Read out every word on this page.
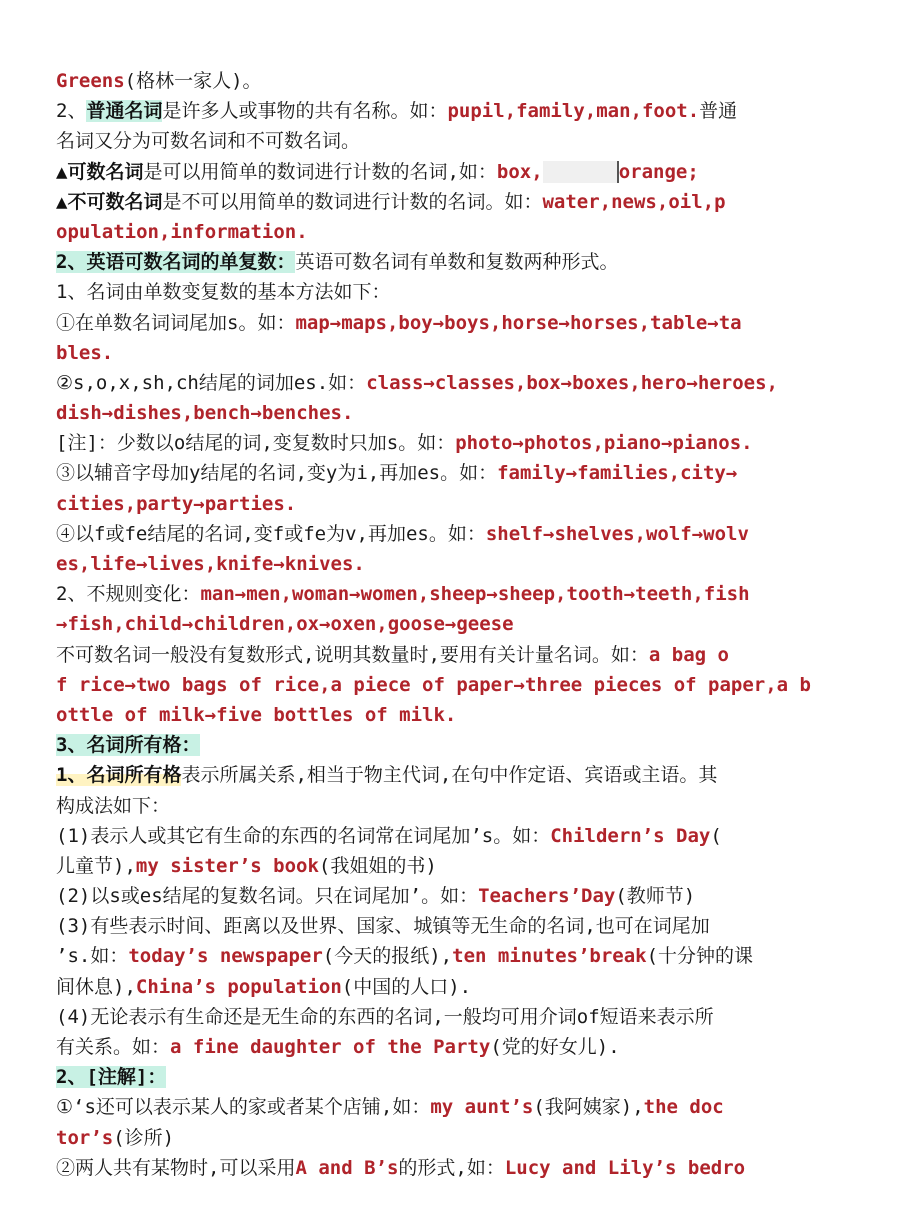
Greens(格林一家人)。
2、普通名词是许多人或事物的共有名称。如：pupil,family,man,foot.普通
名词又分为可数名词和不可数名词。
▲可数名词是可以用简单的数词进行计数的名词,如：box,	orange;
▲不可数名词是不可以用简单的数词进行计数的名词。如：water,news,oil,p
opulation,information.
2、英语可数名词的单复数：英语可数名词有单数和复数两种形式。
1、名词由单数变复数的基本方法如下：
①在单数名词词尾加s。如：map→maps,boy→boys,horse→horses,table→ta
bles.
②s,o,x,sh,ch结尾的词加es.如：class→classes,box→boxes,hero→heroes,
dish→dishes,bench→benches.
[注]：少数以o结尾的词,变复数时只加s。如：photo→photos,piano→pianos.
③以辅音字母加y结尾的名词,变y为i,再加es。如：family→families,city→
cities,party→parties.
④以f或fe结尾的名词,变f或fe为v,再加es。如：shelf→shelves,wolf→wolv
es,life→lives,knife→knives.
2、不规则变化：man→men,woman→women,sheep→sheep,tooth→teeth,fish
→fish,child→children,ox→oxen,goose→geese
不可数名词一般没有复数形式,说明其数量时,要用有关计量名词。如：a bag o
f rice→two bags of rice,a piece of paper→three pieces of paper,a b
ottle of milk→five bottles of milk.
3、名词所有格：
1、名词所有格表示所属关系,相当于物主代词,在句中作定语、宾语或主语。其
构成法如下：
(1)表示人或其它有生命的东西的名词常在词尾加’s。如：Childern’s Day(
儿童节),my sister’s book(我姐姐的书)
(2)以s或es结尾的复数名词。只在词尾加’。如：Teachers’Day(教师节)
(3)有些表示时间、距离以及世界、国家、城镇等无生命的名词,也可在词尾加
’s.如：today’s newspaper(今天的报纸),ten minutes’break(十分钟的课
间休息),China’s population(中国的人口).
(4)无论表示有生命还是无生命的东西的名词,一般均可用介词of短语来表示所
有关系。如：a fine daughter of the Party(党的好女儿).
2、[注解]：
①‘s还可以表示某人的家或者某个店铺,如：my aunt’s(我阿姨家),the doc
tor’s(诊所)
②两人共有某物时,可以采用A and B’s的形式,如：Lucy and Lily’s bedro
